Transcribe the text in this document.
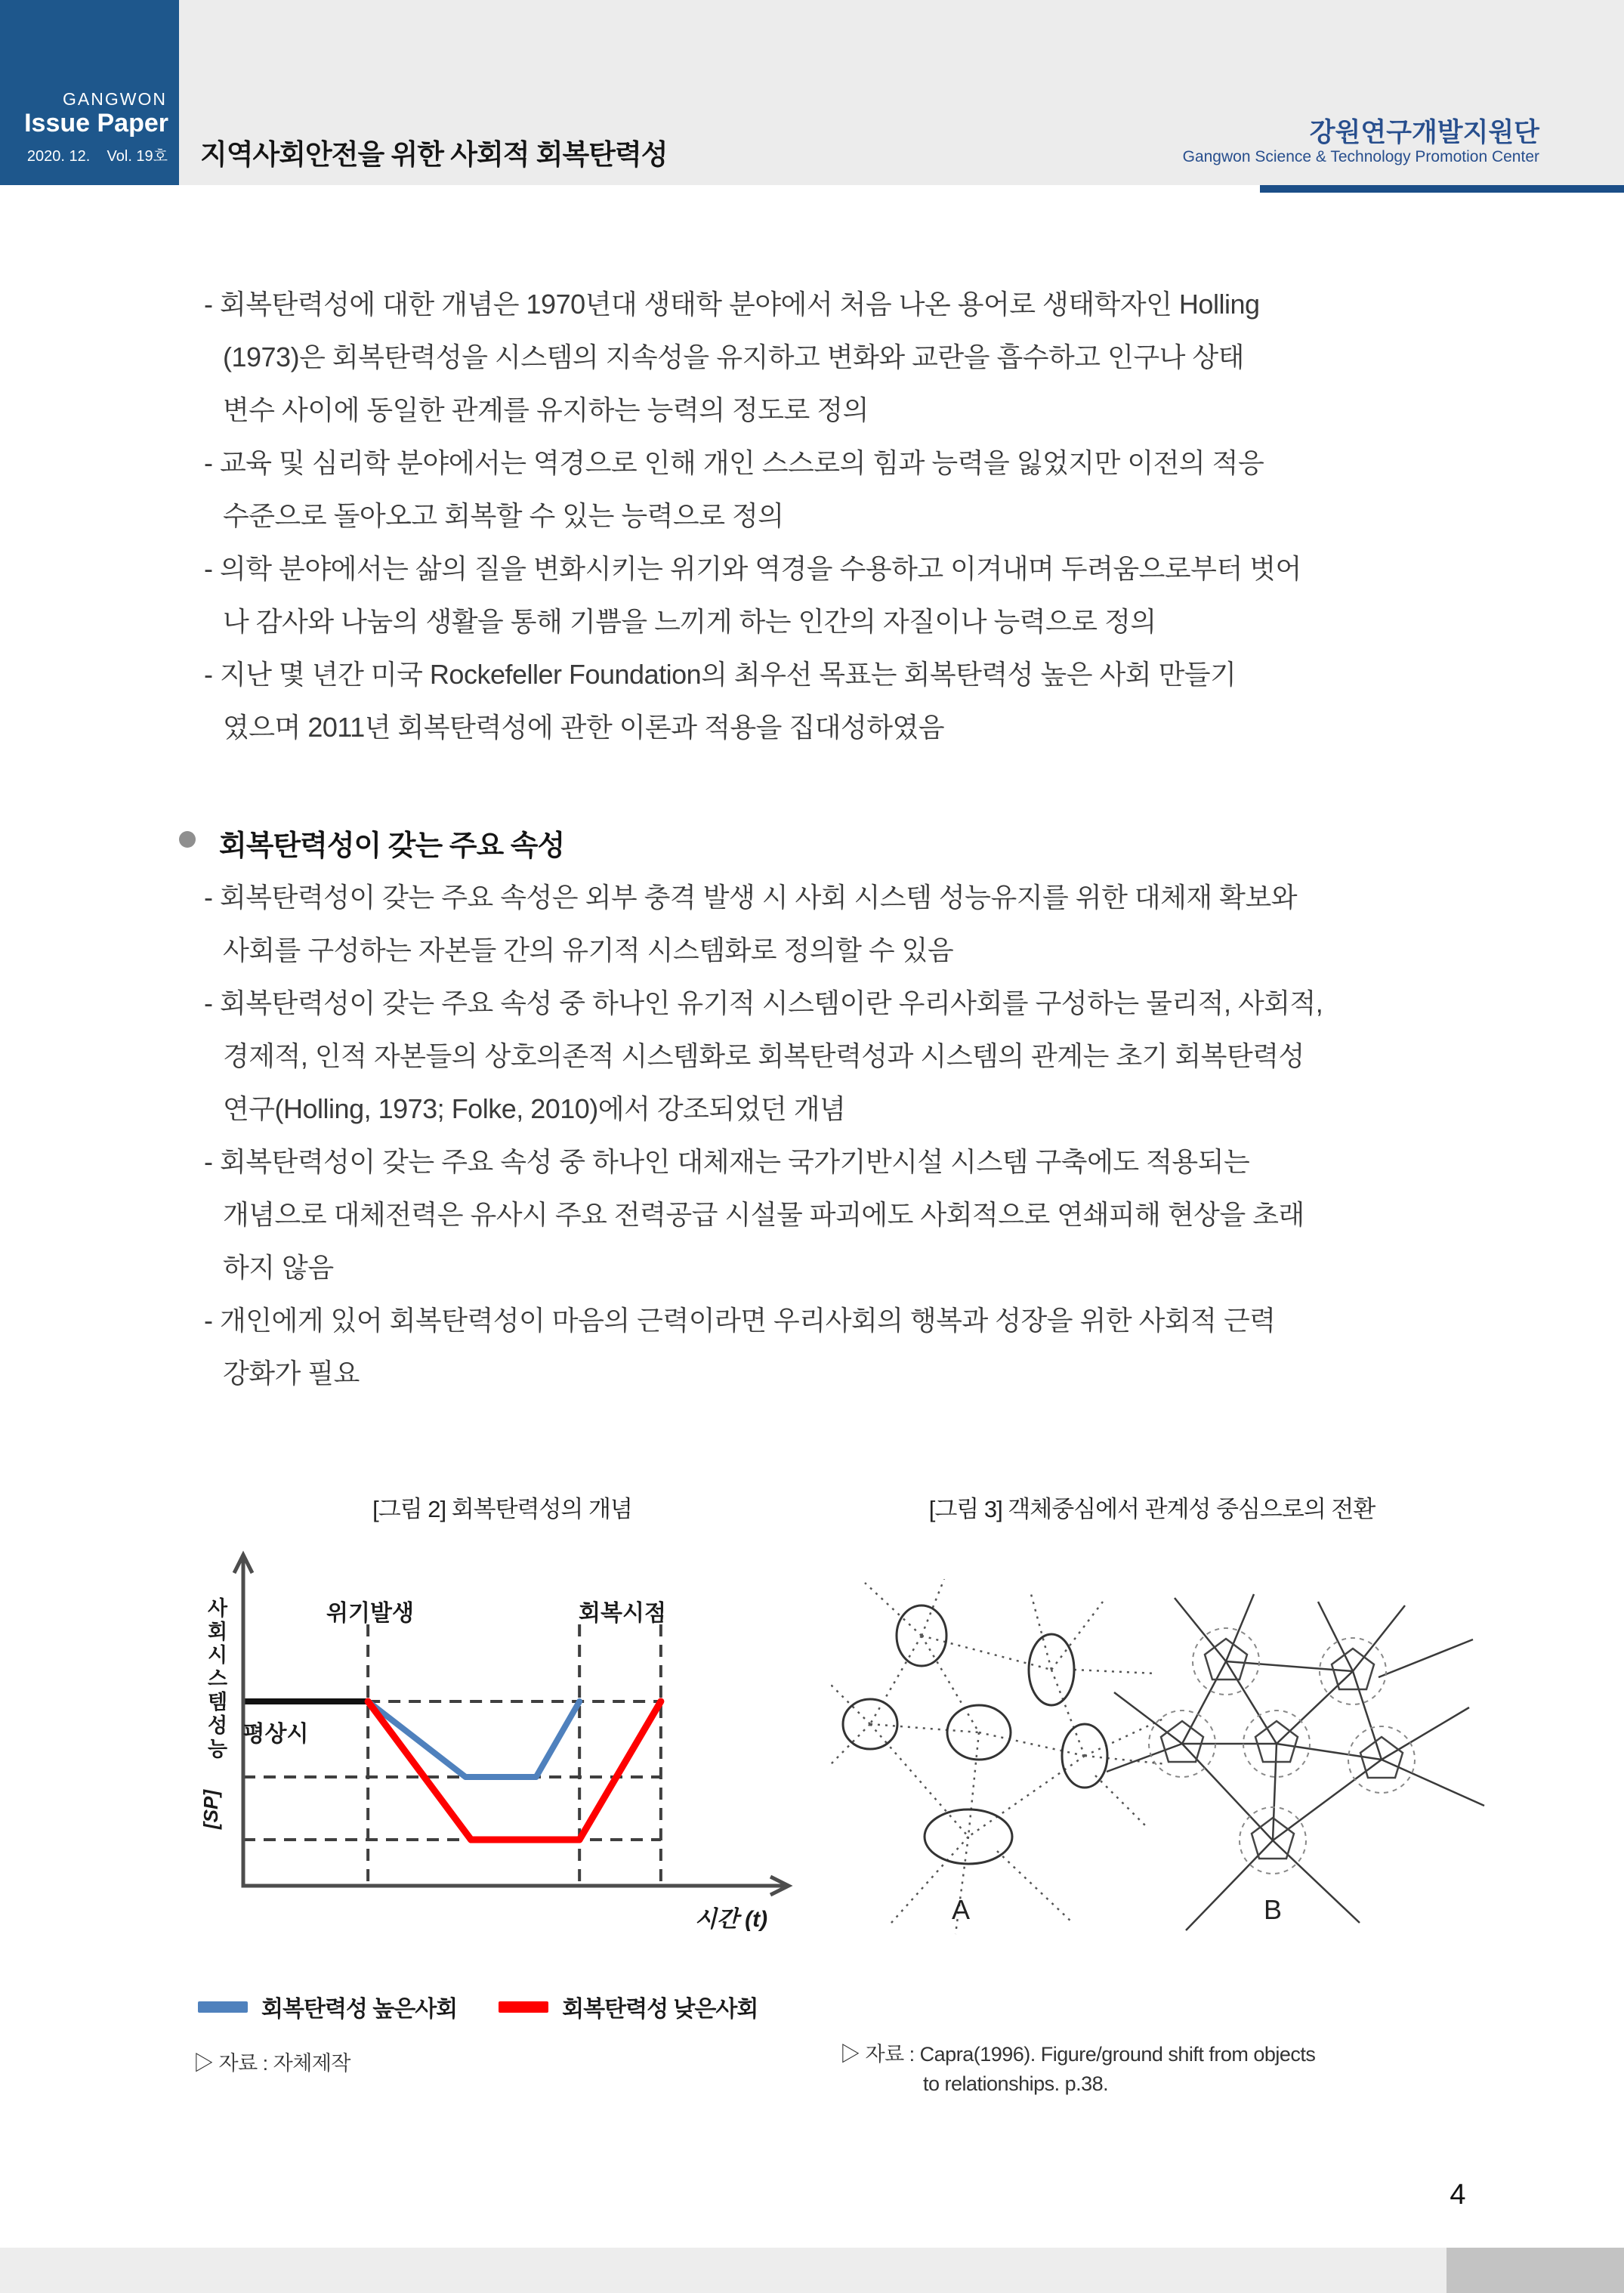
GANGWON
Issue Paper
2020. 12.    Vol. 19호 지역사회안전을 위한 사회적 회복탄력성
강원연구개발지원단
Gangwon Science & Technology Promotion Center
- 회복탄력성에 대한 개념은 1970년대 생태학 분야에서 처음 나온 용어로 생태학자인 Holling
(1973)은 회복탄력성을 시스템의 지속성을 유지하고 변화와 교란을 흡수하고 인구나 상태
변수 사이에 동일한 관계를 유지하는 능력의 정도로 정의
- 교육 및 심리학 분야에서는 역경으로 인해 개인 스스로의 힘과 능력을 잃었지만 이전의 적응
수준으로 돌아오고 회복할 수 있는 능력으로 정의
- 의학 분야에서는 삶의 질을 변화시키는 위기와 역경을 수용하고 이겨내며 두려움으로부터 벗어
나 감사와 나눔의 생활을 통해 기쁨을 느끼게 하는 인간의 자질이나 능력으로 정의
- 지난 몇 년간 미국 Rockefeller Foundation의 최우선 목표는 회복탄력성 높은 사회 만들기
였으며 2011년 회복탄력성에 관한 이론과 적용을 집대성하였음
회복탄력성이 갖는 주요 속성
- 회복탄력성이 갖는 주요 속성은 외부 충격 발생 시 사회 시스템 성능유지를 위한 대체재 확보와
사회를 구성하는 자본들 간의 유기적 시스템화로 정의할 수 있음
- 회복탄력성이 갖는 주요 속성 중 하나인 유기적 시스템이란 우리사회를 구성하는 물리적, 사회적,
경제적, 인적 자본들의 상호의존적 시스템화로 회복탄력성과 시스템의 관계는 초기 회복탄력성
연구(Holling, 1973; Folke, 2010)에서 강조되었던 개념
- 회복탄력성이 갖는 주요 속성 중 하나인 대체재는 국가기반시설 시스템 구축에도 적용되는
개념으로 대체전력은 유사시 주요 전력공급 시설물 파괴에도 사회적으로 연쇄피해 현상을 초래
하지 않음
- 개인에게 있어 회복탄력성이 마음의 근력이라면 우리사회의 행복과 성장을 위한 사회적 근력
강화가 필요
[그림 2] 회복탄력성의 개념	[그림 3] 객체중심에서 관계성 중심으로의 전환
위기발생	회복시점
평상시
시간 (t)
사
회
시
스
템
성
능
[SP]
회복탄력성 높은사회	회복탄력성 낮은사회
A	B
▷ 자료 : 자체제작	▷ 자료 : Capra(1996). Figure/ground shift from objects
to relationships. p.38.
4
